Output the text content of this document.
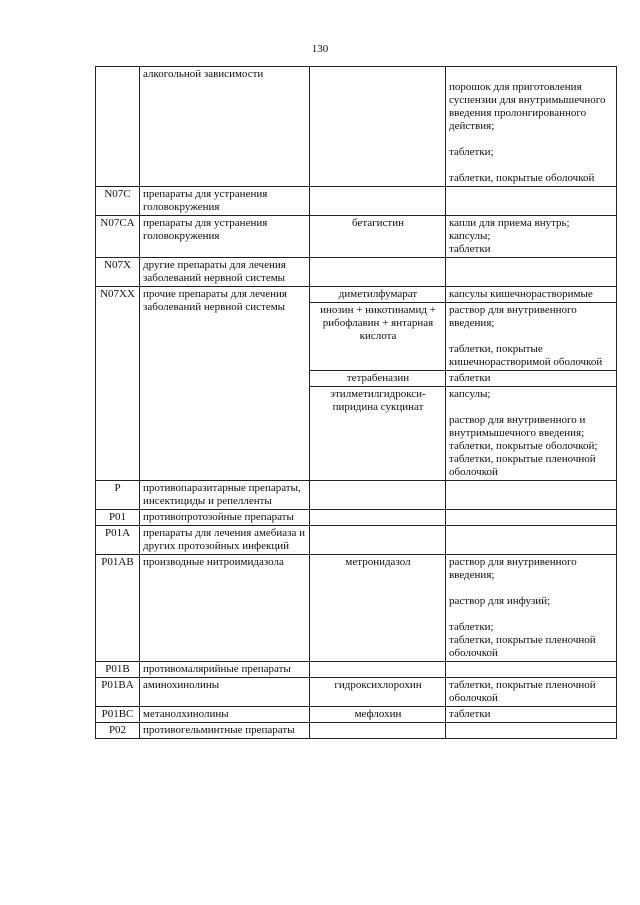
130
	алкогольной зависимости		порошок для приготовления суспензии для внутримышечного введения пролонгированного действия;
таблетки;
таблетки, покрытые оболочкой

N07C	препараты для устранения головокружения		
N07CA	препараты для устранения головокружения	бетагистин	капли для приема внутрь;
капсулы;
таблетки

N07X	другие препараты для лечения заболеваний нервной системы		
N07XX	прочие препараты для лечения заболеваний нервной системы	диметилфумарат	капсулы кишечнорастворимые

		инозин + никотинамид + рибофлавин + янтарная кислота	раствор для внутривенного введения;
таблетки, покрытые кишечнорастворимой оболочкой

		тетрабеназин	таблетки

		этилметилгидрокси-пиридина сукцинат	капсулы;
раствор для внутривенного и внутримышечного введения;
таблетки, покрытые оболочкой;
таблетки, покрытые пленочной оболочкой

P	противопаразитарные препараты, инсектициды и репелленты		
P01	противопротозойные препараты		
P01A	препараты для лечения амебиаза и других протозойных инфекций		
P01AB	производные нитроимидазола	метронидазол	раствор для внутривенного введения;
раствор для инфузий;
таблетки;
таблетки, покрытые пленочной оболочкой

P01B	противомалярийные препараты		
P01BA	аминохинолины	гидроксихлорохин	таблетки, покрытые пленочной оболочкой

P01BC	метанолхинолины	мефлохин	таблетки

P02	противогельминтные препараты		
